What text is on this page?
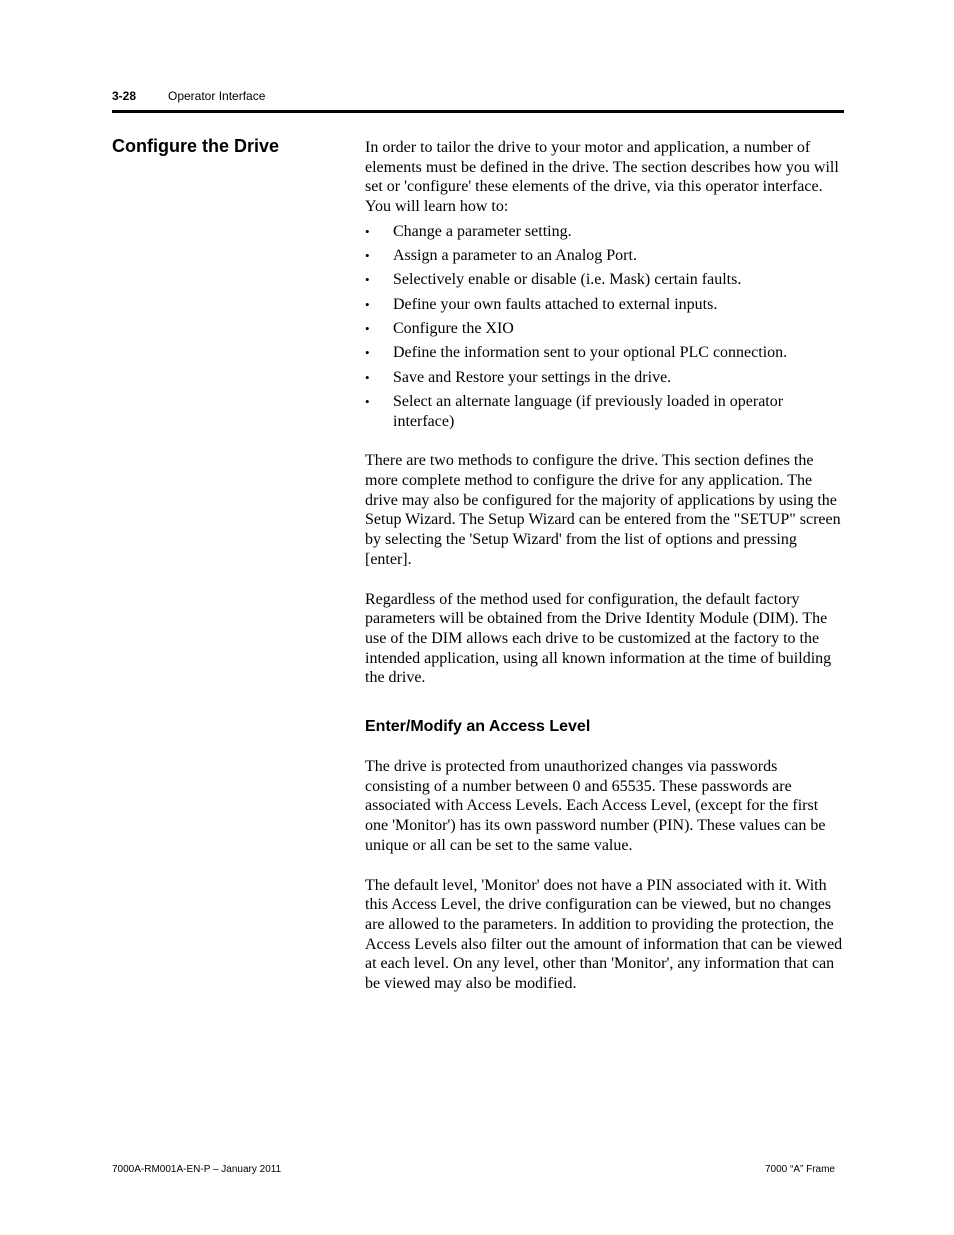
3-28	Operator Interface
Configure the Drive	In order to tailor the drive to your motor and application, a number of elements must be defined in the drive. The section describes how you will set or 'configure' these elements of the drive, via this operator interface. You will learn how to:

•	Change a parameter setting.
•	Assign a parameter to an Analog Port.
•	Selectively enable or disable (i.e. Mask) certain faults.
•	Define your own faults attached to external inputs.
•	Configure the XIO
•	Define the information sent to your optional PLC connection.
•	Save and Restore your settings in the drive.
•	Select an alternate language (if previously loaded in operator interface)

There are two methods to configure the drive. This section defines the more complete method to configure the drive for any application. The drive may also be configured for the majority of applications by using the Setup Wizard. The Setup Wizard can be entered from the "SETUP" screen by selecting the 'Setup Wizard' from the list of options and pressing [enter].

Regardless of the method used for configuration, the default factory parameters will be obtained from the Drive Identity Module (DIM). The use of the DIM allows each drive to be customized at the factory to the intended application, using all known information at the time of building the drive.

Enter/Modify an Access Level

The drive is protected from unauthorized changes via passwords consisting of a number between 0 and 65535. These passwords are associated with Access Levels. Each Access Level, (except for the first one 'Monitor') has its own password number (PIN). These values can be unique or all can be set to the same value.

The default level, 'Monitor' does not have a PIN associated with it. With this Access Level, the drive configuration can be viewed, but no changes are allowed to the parameters. In addition to providing the protection, the Access Levels also filter out the amount of information that can be viewed at each level. On any level, other than 'Monitor', any information that can be viewed may also be modified.

7000A-RM001A-EN-P – January 2011	7000 “A” Frame
